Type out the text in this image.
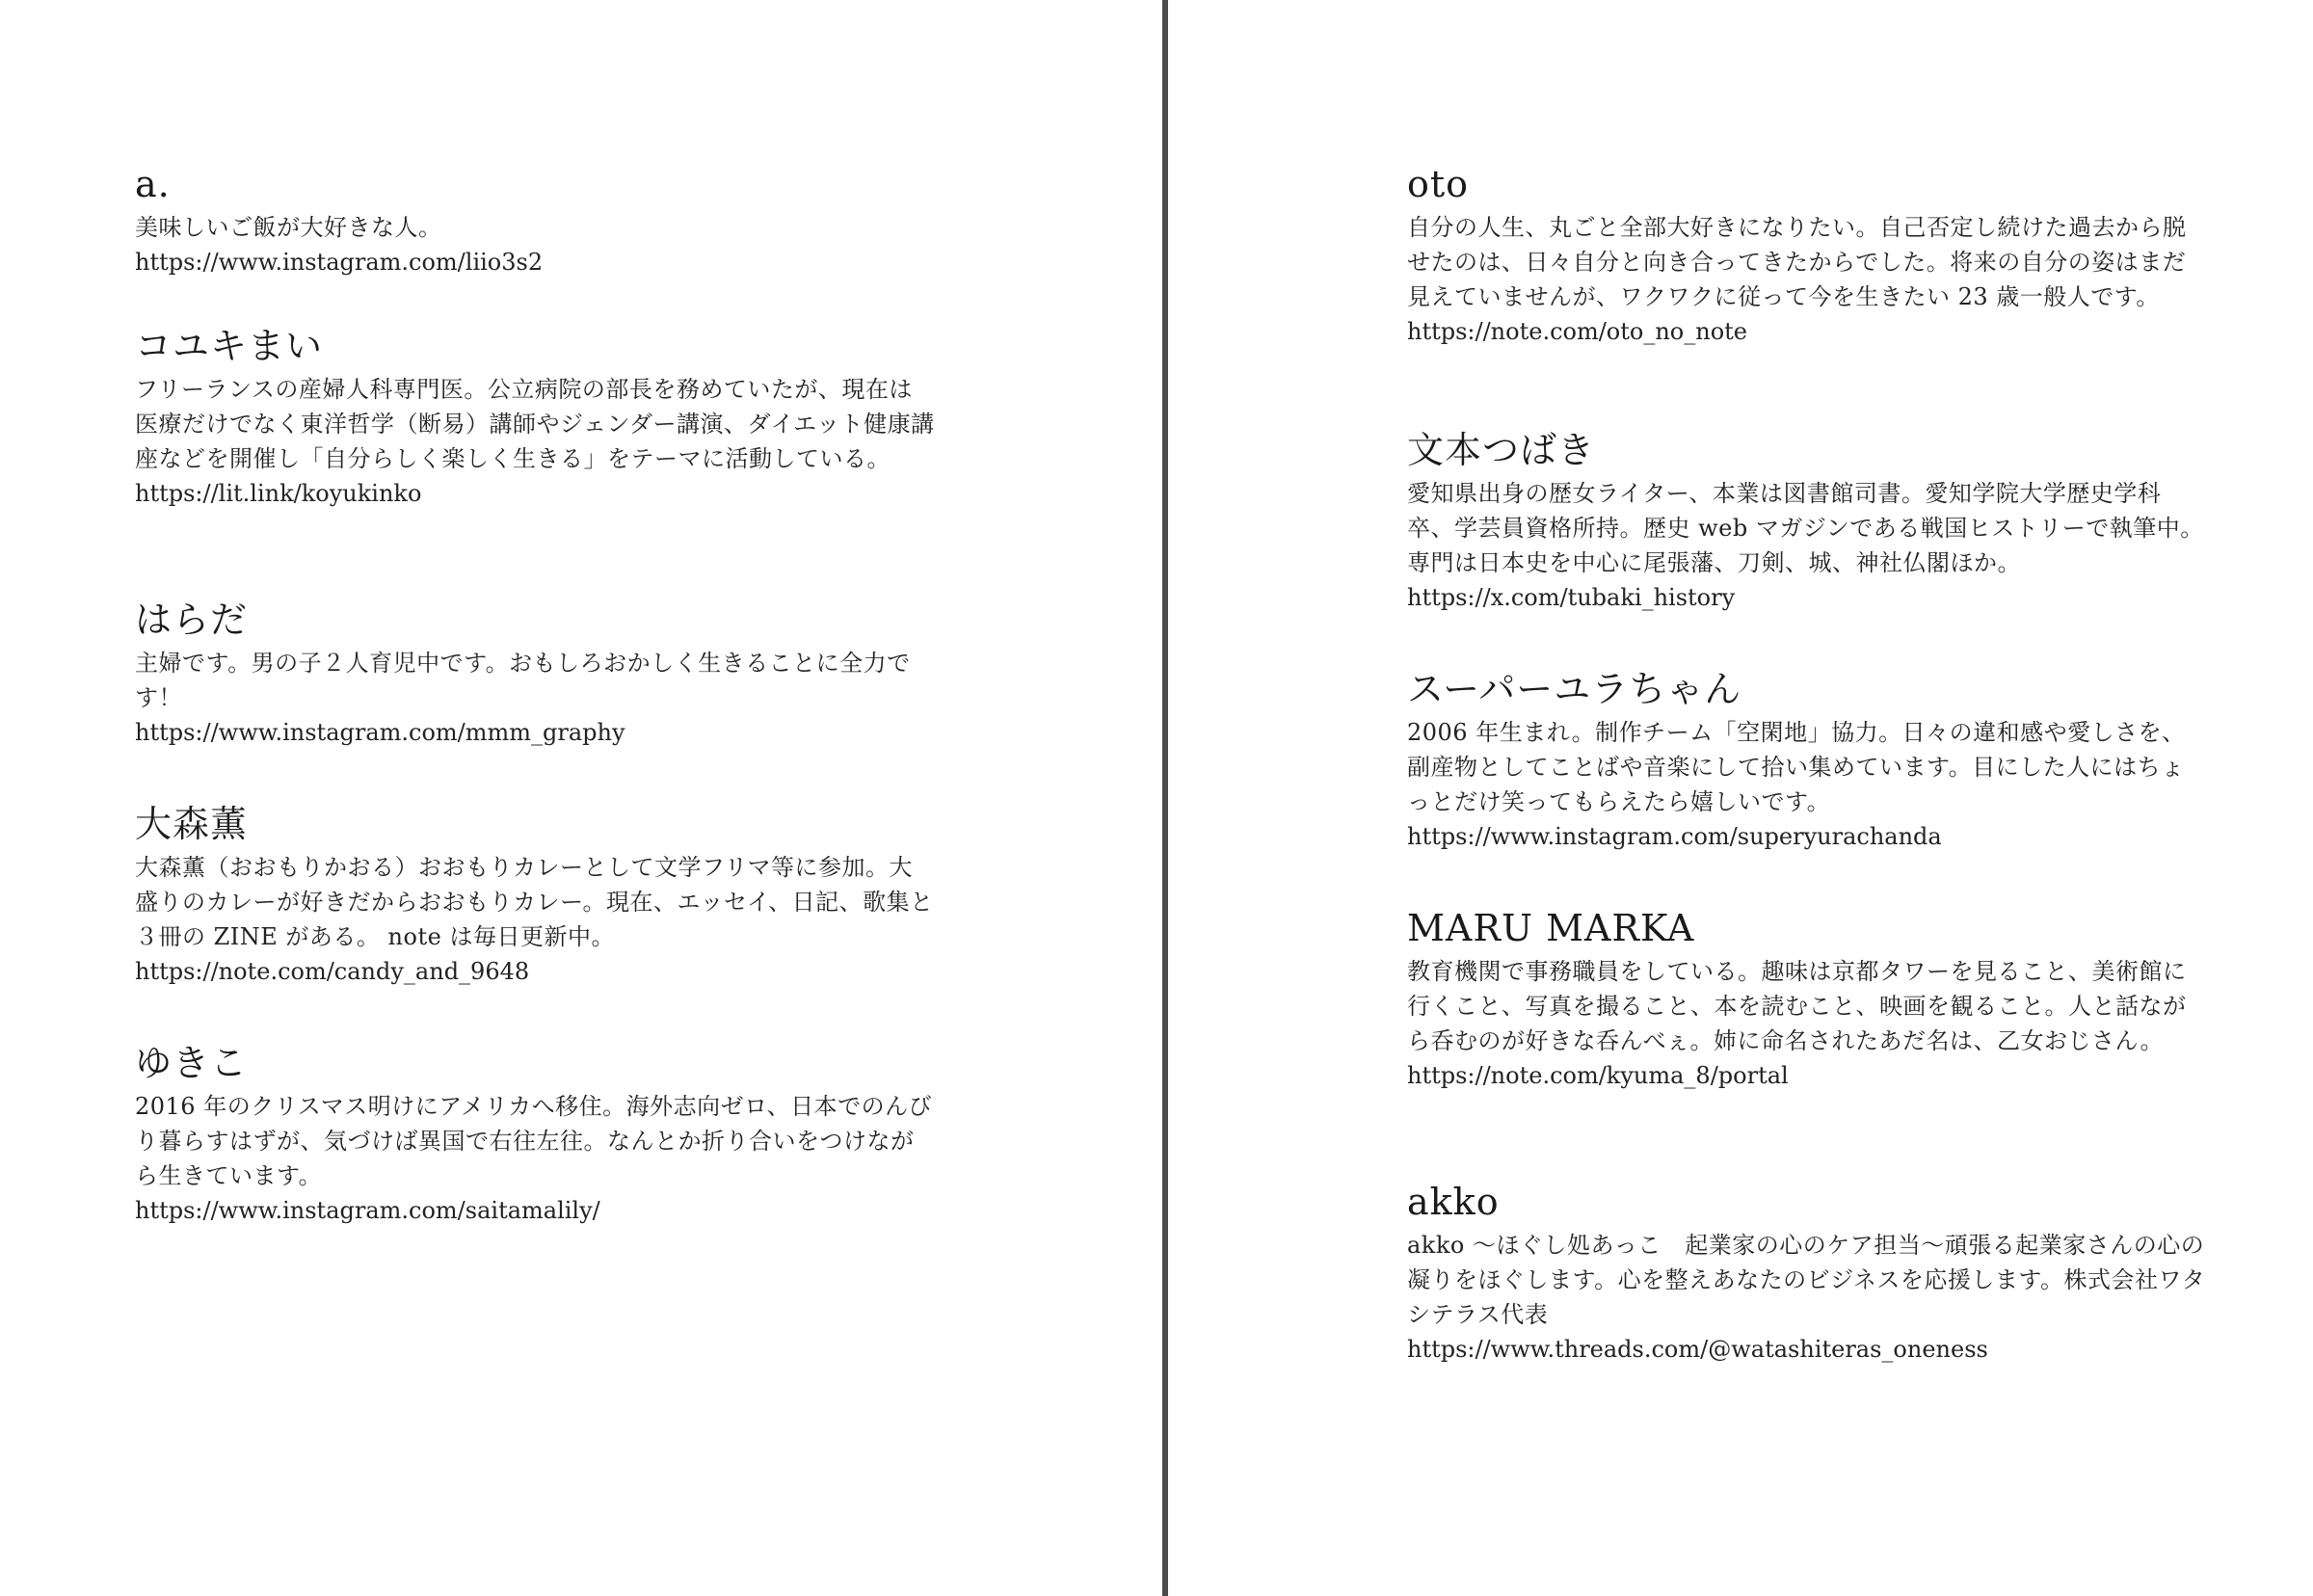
a.

美味しいご飯が大好きな人。

https://www.instagram.com/liio3s2
コユキまい

フリーランスの産婦人科専門医。公立病院の部長を務めていたが、現在は医療だけでなく東洋哲学（断易）講師やジェンダー講演、ダイエット健康講座などを開催し「自分らしく楽しく生きる」をテーマに活動している。

https://lit.link/koyukinko
はらだ

主婦です。男の子２人育児中です。おもしろおかしく生きることに全力です！

https://www.instagram.com/mmm_graphy
大森薫

大森薫（おおもりかおる）おおもりカレーとして文学フリマ等に参加。大盛りのカレーが好きだからおおもりカレー。現在、エッセイ、日記、歌集と３冊の ZINE がある。 note は毎日更新中。

https://note.com/candy_and_9648
ゆきこ

2016 年のクリスマス明けにアメリカへ移住。海外志向ゼロ、日本でのんびり暮らすはずが、気づけば異国で右往左往。なんとか折り合いをつけながら生きています。

https://www.instagram.com/saitamalily/
oto

自分の人生、丸ごと全部大好きになりたい。自己否定し続けた過去から脱せたのは、日々自分と向き合ってきたからでした。将来の自分の姿はまだ見えていませんが、ワクワクに従って今を生きたい 23 歳一般人です。

https://note.com/oto_no_note
文本つばき

愛知県出身の歴女ライター、本業は図書館司書。愛知学院大学歴史学科卒、学芸員資格所持。歴史 web マガジンである戦国ヒストリーで執筆中。専門は日本史を中心に尾張藩、刀剣、城、神社仏閣ほか。

https://x.com/tubaki_history
スーパーユラちゃん

2006 年生まれ。制作チーム「空閑地」協力。日々の違和感や愛しさを、副産物としてことばや音楽にして拾い集めています。目にした人にはちょっとだけ笑ってもらえたら嬉しいです。

https://www.instagram.com/superyurachanda
MARU MARKA

教育機関で事務職員をしている。趣味は京都タワーを見ること、美術館に行くこと、写真を撮ること、本を読むこと、映画を観ること。人と話ながら呑むのが好きな呑んべぇ。姉に命名されたあだ名は、乙女おじさん。

https://note.com/kyuma_8/portal
akko

akko 〜ほぐし処あっこ　起業家の心のケア担当〜頑張る起業家さんの心の凝りをほぐします。心を整えあなたのビジネスを応援します。株式会社ワタシテラス代表

https://www.threads.com/@watashiteras_oneness
